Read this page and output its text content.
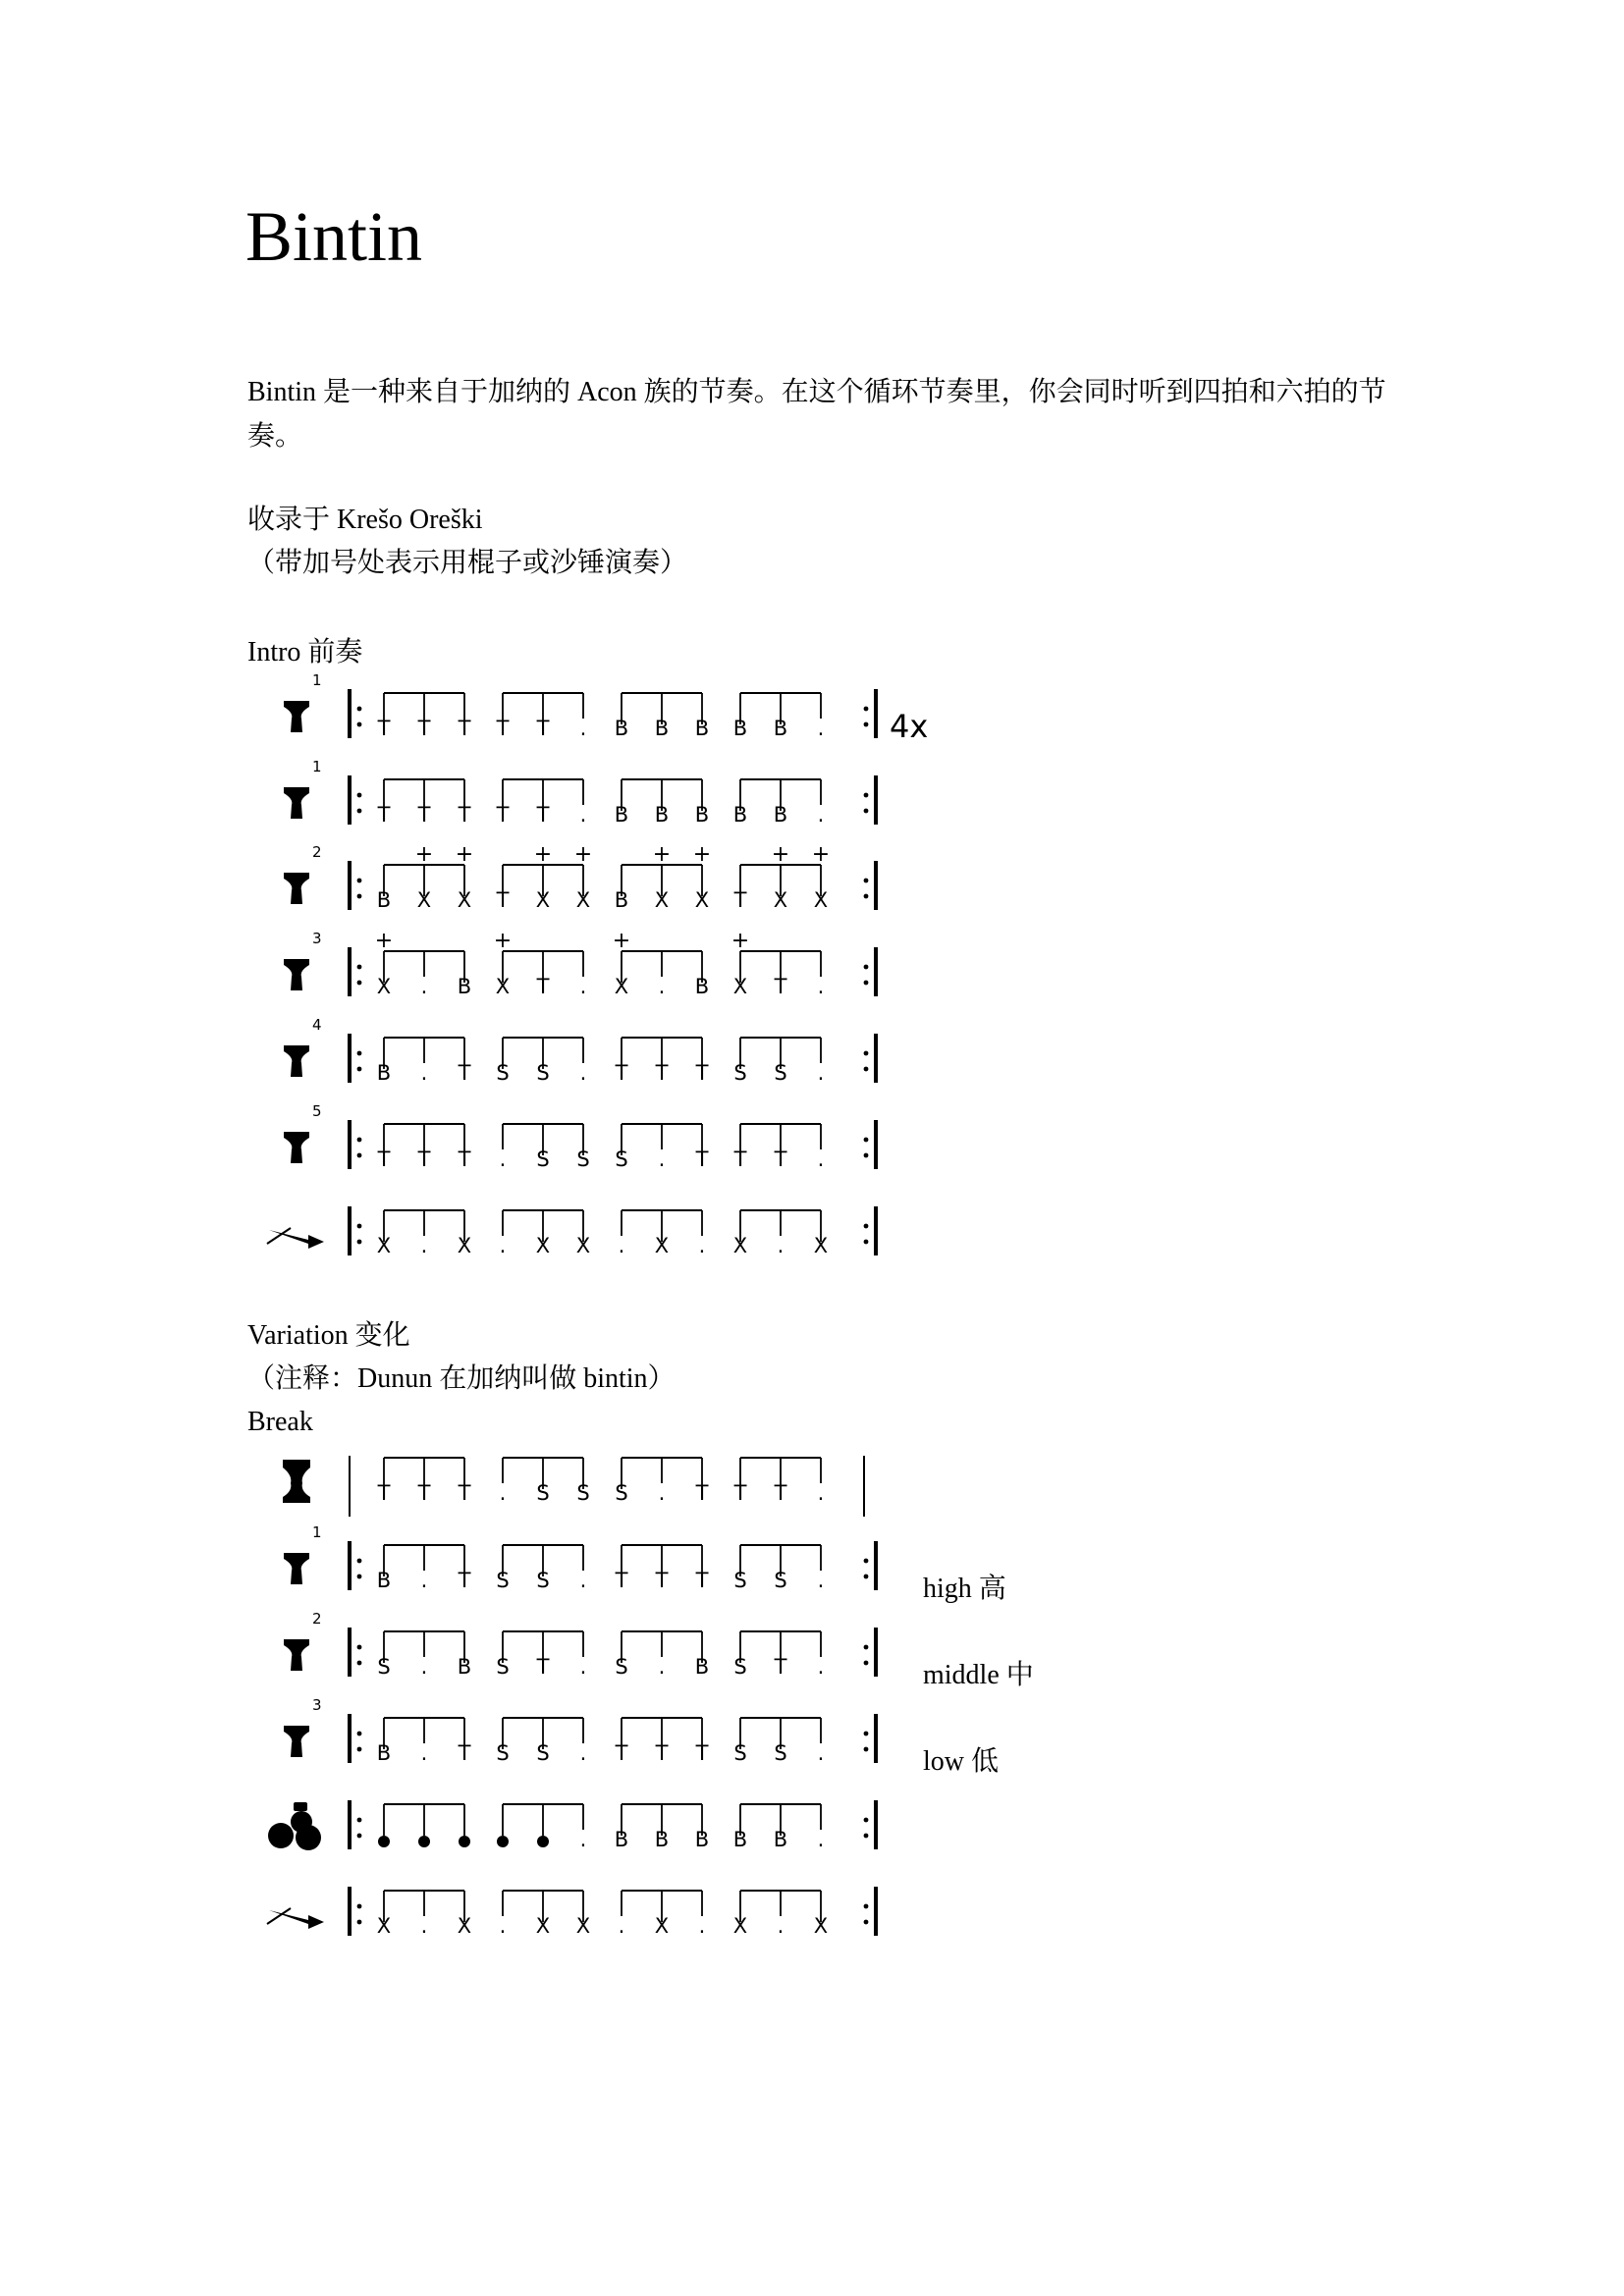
Bintin
Bintin 是一种来自于加纳的 Acon 族的节奏。在这个循环节奏里，你会同时听到四拍和六拍的节奏。
收录于 Krešo Oreški
（带加号处表示用棍子或沙锤演奏）
Intro 前奏
Variation 变化
（注释：Dunun 在加纳叫做 bintin）
Break
high 高
middle 中
low 低
1
T T T T T . B B B B B . 4x
1
T T T T T . B B B B B .
2
B X
+
X
+
T X
+
X
+
B X
+
X
+
T X
+
X
+
3
X
+
. B X
+
T . X
+
. B X
+
T .
4
B . T S S . T T T S S .
5
T T T . S S S . T T T .
X . X . X X . X . X . X
T T T . S S S . T T T .
1
B . T S S . T T T S S .
2
S . B S T . S . B S T .
3
B . T S S . T T T S S .
. B B B B B .
X . X . X X . X . X . X
